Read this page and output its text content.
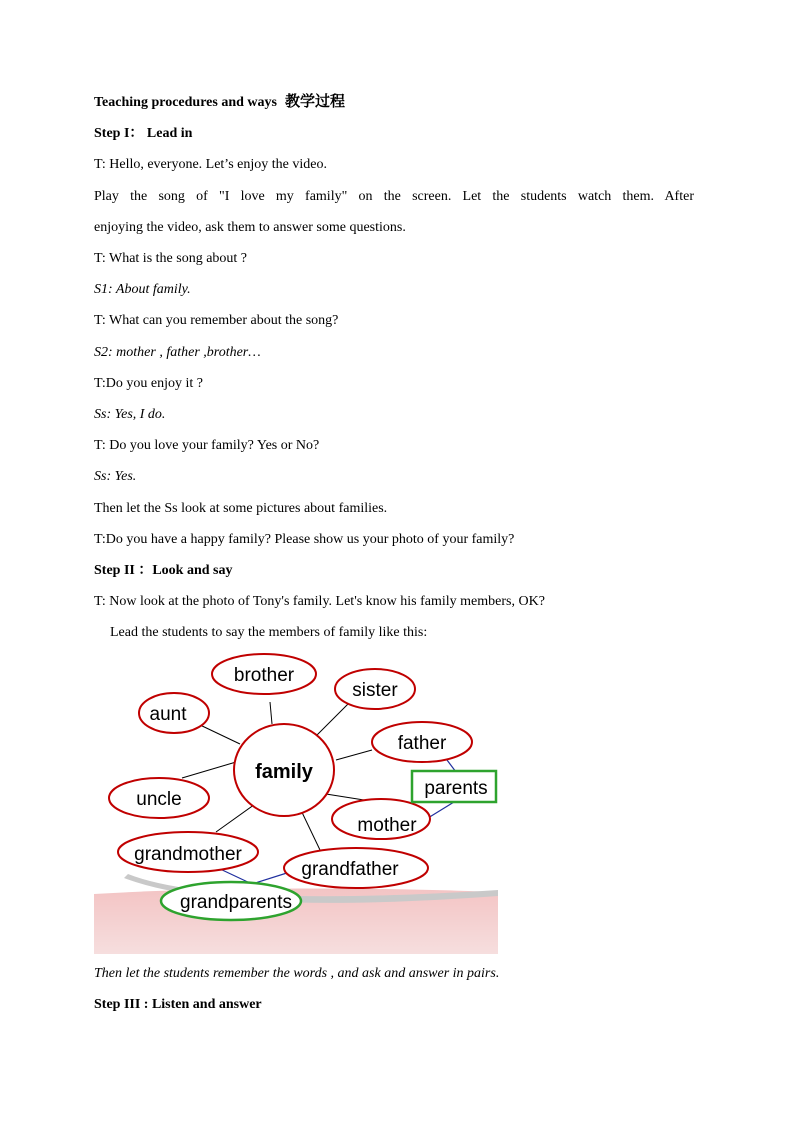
Teaching procedures and ways 教学过程
Step I： Lead in
T: Hello, everyone. Let’s enjoy the video.
Play the song of "I love my family" on the screen. Let the students watch them. After
enjoying the video, ask them to answer some questions.
T: What is the song about ?
S1: About family.
T: What can you remember about the song?
S2: mother , father ,brother…
T:Do you enjoy it ?
Ss: Yes, I do.
T: Do you love your family? Yes or No?
Ss: Yes.
Then let the Ss look at some pictures about families.
T:Do you have a happy family? Please show us your photo of your family?
Step II ：Look and say
T: Now look at the photo of Tony's family. Let's know his family members, OK?
Lead the students to say the members of family like this:
family
brother
sister
aunt
father
uncle
mother
grandmother
grandfather
parents
grandparents
Then let the students remember the words , and ask and answer in pairs.
Step III : Listen and answer
